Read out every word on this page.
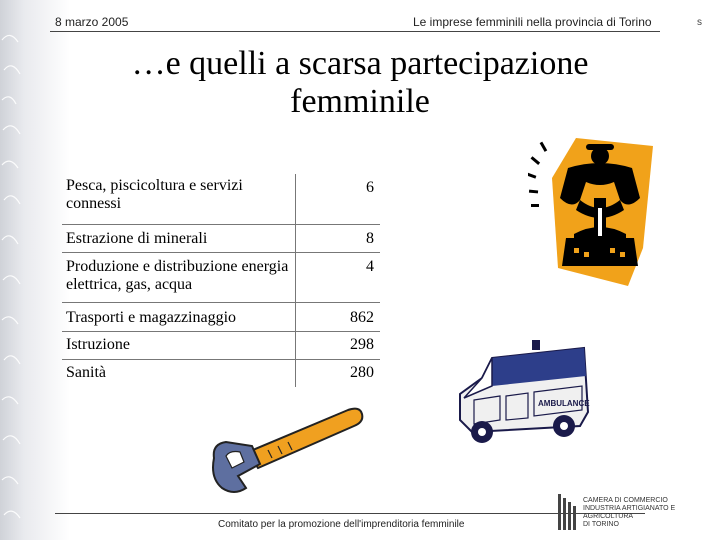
8 marzo 2005	Le imprese femminili nella provincia di Torino	s
…e quelli a scarsa partecipazione
femminile
Pesca, piscicoltura e servizi connessi	6
Estrazione di minerali	8
Produzione e distribuzione energia elettrica, gas, acqua	4
Trasporti e magazzinaggio	862
Istruzione	298
Sanità	280
AMBULANCE
Comitato per la promozione dell'imprenditoria femminile
CAMERA DI COMMERCIO
INDUSTRIA ARTIGIANATO E AGRICOLTURA
DI TORINO
